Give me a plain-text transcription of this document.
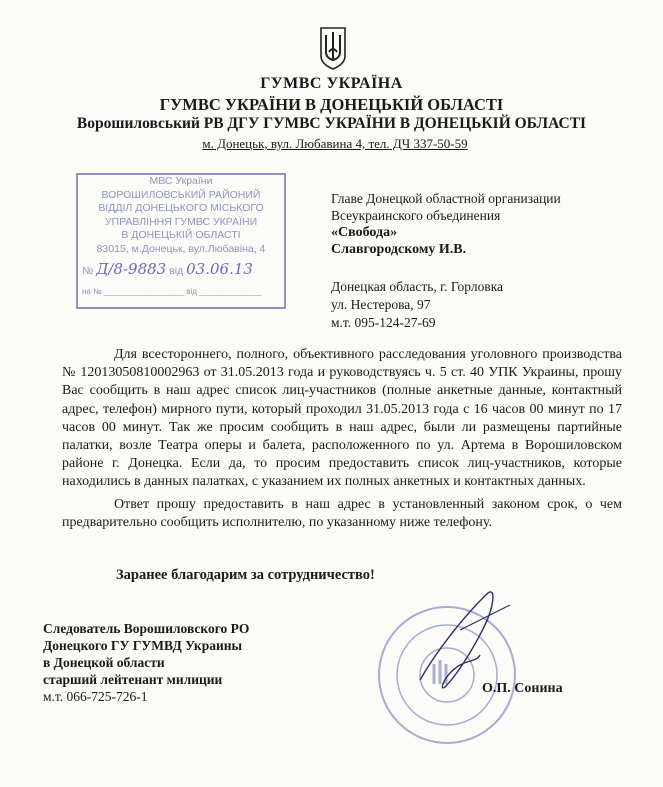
ГУМВС УКРАЇНА
ГУМВС УКРАЇНИ В ДОНЕЦЬКІЙ ОБЛАСТІ
Ворошиловський РВ ДГУ ГУМВС УКРАЇНИ В ДОНЕЦЬКІЙ ОБЛАСТІ
м. Донецьк, вул. Любавина 4, тел. ДЧ 337-50-59
МВС України
ВОРОШИЛОВСЬКИЙ РАЙОНИЙ
ВІДДІЛ ДОНЕЦЬКОГО МІСЬКОГО
УПРАВЛІННЯ ГУМВС УКРАЇНИ
В ДОНЕЦЬКІЙ ОБЛАСТІ
83015, м.Донецьк, вул.Любавіна, 4
№ Д/8-9883 від 03.06.13
на № __________________ від ______________
Главе Донецкой областной организации
Всеукраинского объединения
«Свобода»
Славгородскому И.В.
Донецкая область, г. Горловка
ул. Нестерова, 97
м.т. 095-124-27-69

Для всестороннего, полного, объективного расследования уголовного производства № 12013050810002963 от 31.05.2013 года и руководствуясь ч. 5 ст. 40 УПК Украины, прошу Вас сообщить в наш адрес список лиц-участников (полные анкетные данные, контактный адрес, телефон) мирного пути, который проходил 31.05.2013 года с 16 часов 00 минут по 17 часов 00 минут. Так же просим сообщить в наш адрес, были ли размещены партийные палатки, возле Театра оперы и балета, расположенного по ул. Артема в Ворошиловском районе г. Донецка. Если да, то просим предоставить список лиц-участников, которые находились в данных палатках, с указанием их полных анкетных и контактных данных.

Ответ прошу предоставить в наш адрес в установленный законом срок, о чем предварительно сообщить исполнителю, по указанному ниже телефону.

Заранее благодарим за сотрудничество!
Следователь Ворошиловского РО
Донецкого ГУ ГУМВД Украины
в Донецкой области
старший лейтенант милиции
м.т. 066-725-726-1
О.П. Сонина
